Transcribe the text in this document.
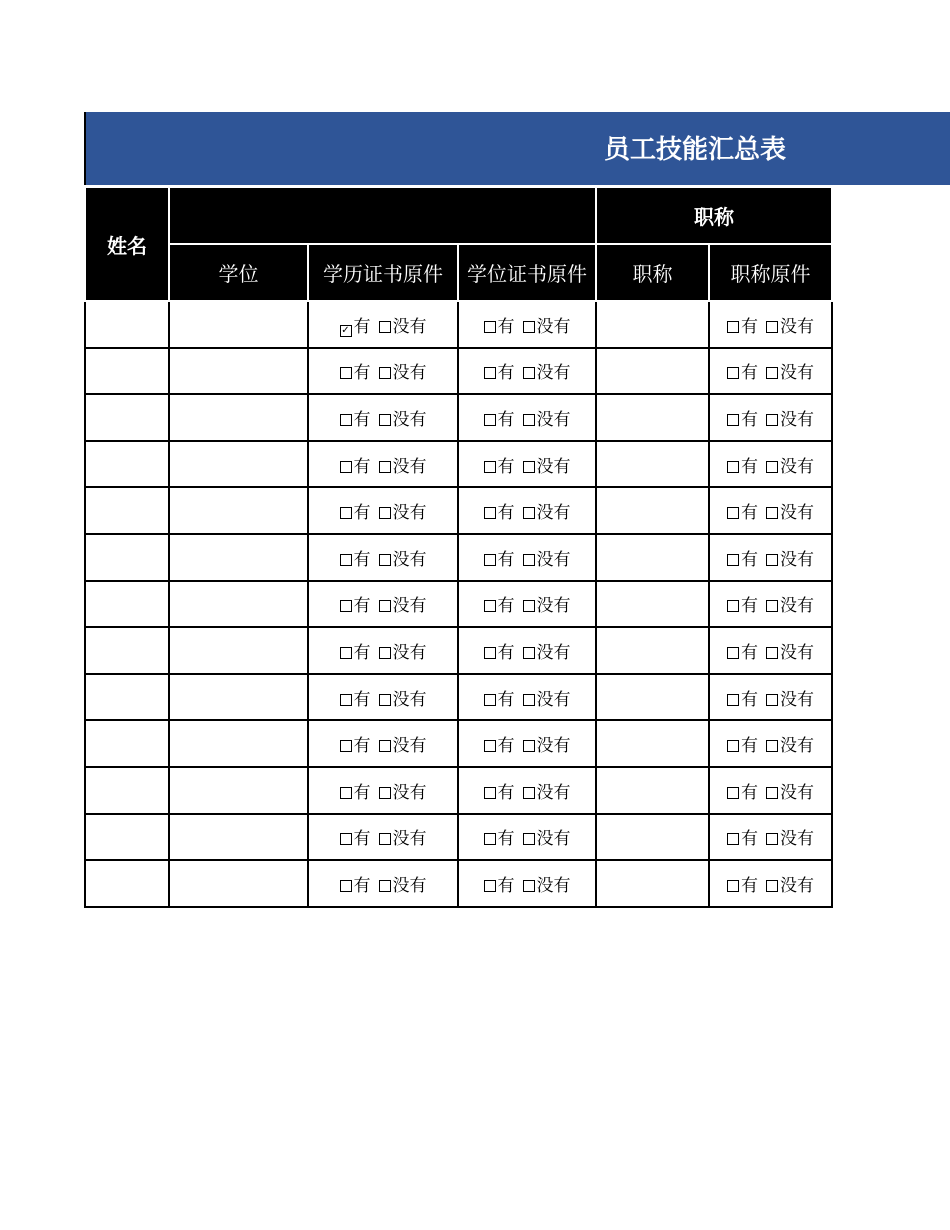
员工技能汇总表
姓名				职称	
	学位	学历证书原件	学位证书原件	职称	职称原件
		✓ 有 没有	有 没有		有 没有
		有 没有	有 没有		有 没有
		有 没有	有 没有		有 没有
		有 没有	有 没有		有 没有
		有 没有	有 没有		有 没有
		有 没有	有 没有		有 没有
		有 没有	有 没有		有 没有
		有 没有	有 没有		有 没有
		有 没有	有 没有		有 没有
		有 没有	有 没有		有 没有
		有 没有	有 没有		有 没有
		有 没有	有 没有		有 没有
		有 没有	有 没有		有 没有
